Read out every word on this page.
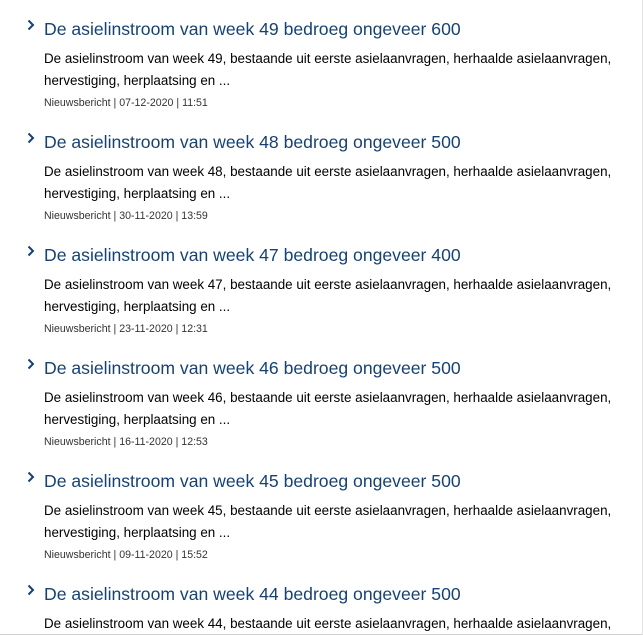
De asielinstroom van week 49 bedroeg ongeveer 600

De asielinstroom van week 49, bestaande uit eerste asielaanvragen, herhaalde asielaanvragen, hervestiging, herplaatsing en ...

Nieuwsbericht | 07-12-2020 | 11:51
De asielinstroom van week 48 bedroeg ongeveer 500

De asielinstroom van week 48, bestaande uit eerste asielaanvragen, herhaalde asielaanvragen, hervestiging, herplaatsing en ...

Nieuwsbericht | 30-11-2020 | 13:59
De asielinstroom van week 47 bedroeg ongeveer 400

De asielinstroom van week 47, bestaande uit eerste asielaanvragen, herhaalde asielaanvragen, hervestiging, herplaatsing en ...

Nieuwsbericht | 23-11-2020 | 12:31
De asielinstroom van week 46 bedroeg ongeveer 500

De asielinstroom van week 46, bestaande uit eerste asielaanvragen, herhaalde asielaanvragen, hervestiging, herplaatsing en ...

Nieuwsbericht | 16-11-2020 | 12:53
De asielinstroom van week 45 bedroeg ongeveer 500

De asielinstroom van week 45, bestaande uit eerste asielaanvragen, herhaalde asielaanvragen, hervestiging, herplaatsing en ...

Nieuwsbericht | 09-11-2020 | 15:52
De asielinstroom van week 44 bedroeg ongeveer 500

De asielinstroom van week 44, bestaande uit eerste asielaanvragen, herhaalde asielaanvragen,
